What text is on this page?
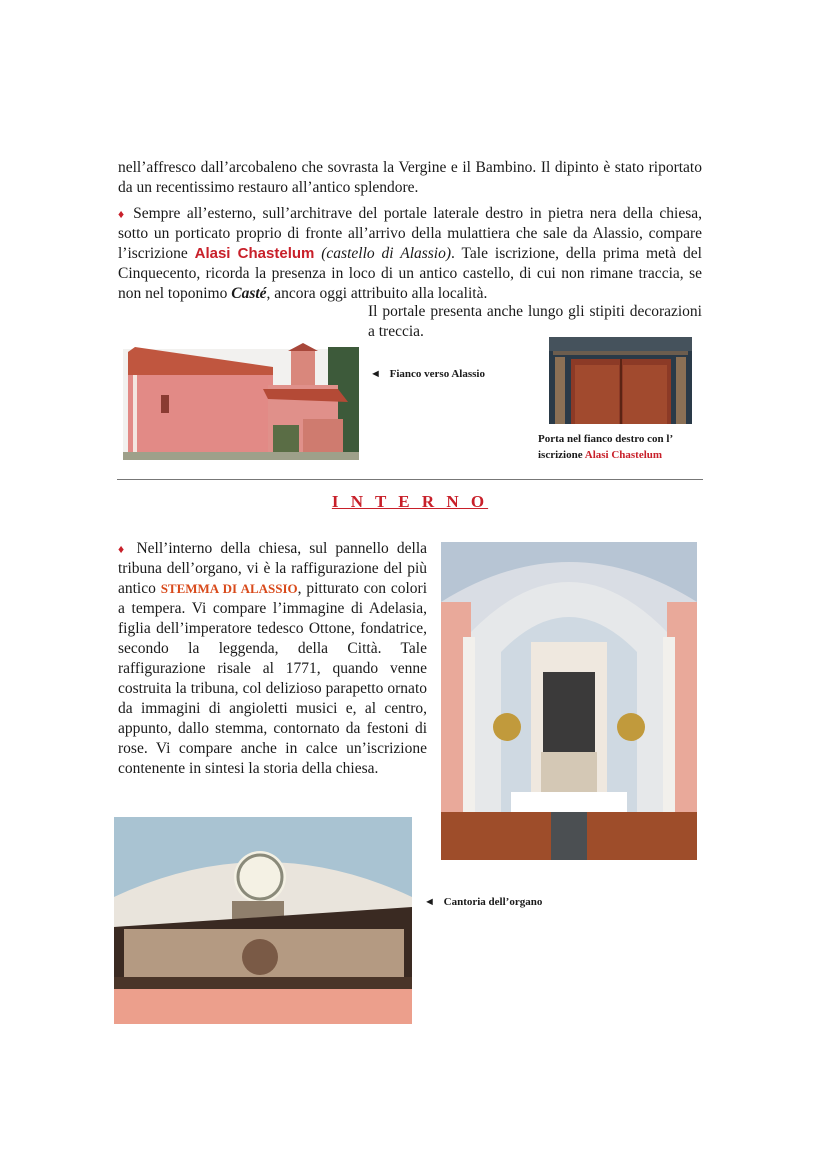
nell’affresco dall’arcobaleno che sovrasta la Vergine e il Bambino. Il dipinto è stato riportato da un recentissimo restauro all’antico splendore.
♦ Sempre all’esterno, sull’architrave del portale laterale destro in pietra nera della chiesa, sotto un porticato proprio di fronte all’arrivo della mulattiera che sale da Alassio, compare l’iscrizione Alasi Chastelum (castello di Alassio). Tale iscrizione, della prima metà del Cinquecento, ricorda la presenza in loco di un antico castello, di cui non rimane traccia, se non nel toponimo Casté, ancora oggi attribuito alla località.
Il portale presenta anche lungo gli stipiti decorazioni a treccia.
◄ Fianco verso Alassio
Porta nel fianco destro con l’
iscrizione Alasi Chastelum
I N T E R N O
♦ Nell’interno della chiesa, sul pannello della tribuna dell’organo, vi è la raffigurazione del più antico STEMMA DI ALASSIO, pitturato con colori a tempera. Vi compare l’immagine di Adelasia, figlia dell’imperatore tedesco Ottone, fondatrice, secondo la leggenda, della Città. Tale raffigurazione risale al 1771, quando venne costruita la tribuna, col delizioso parapetto ornato da immagini di angioletti musici e, al centro, appunto, dallo stemma, contornato da festoni di rose. Vi compare anche in calce un’iscrizione contenente in sintesi la storia della chiesa.
◄ Cantoria dell’organo
